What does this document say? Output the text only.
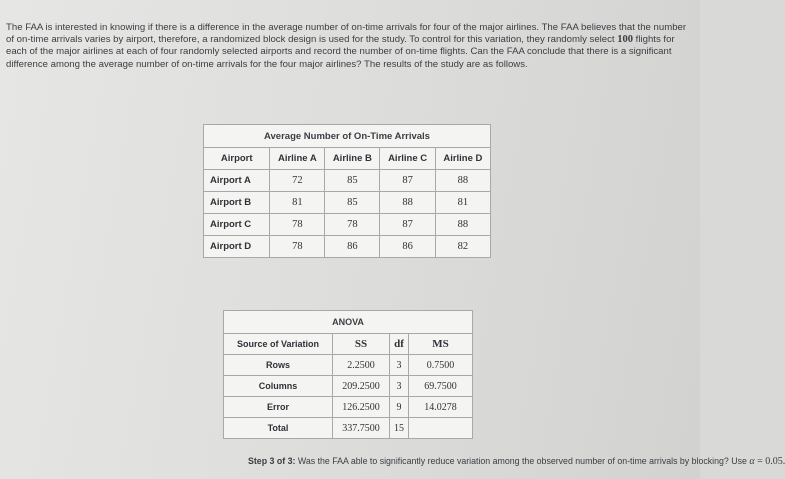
The FAA is interested in knowing if there is a difference in the average number of on-time arrivals for four of the major airlines. The FAA believes that the number of on-time arrivals varies by airport, therefore, a randomized block design is used for the study. To control for this variation, they randomly select 100 flights for each of the major airlines at each of four randomly selected airports and record the number of on-time flights. Can the FAA conclude that there is a significant difference among the average number of on-time arrivals for the four major airlines? The results of the study are as follows.
Average Number of On-Time Arrivals				
Airport	Airline A	Airline B	Airline C	Airline D
Airport A	72	85	87	88
Airport B	81	85	88	81
Airport C	78	78	87	88
Airport D	78	86	86	82
ANOVA			
Source of Variation	SS	df	MS
Rows	2.2500	3	0.7500
Columns	209.2500	3	69.7500
Error	126.2500	9	14.0278
Total	337.7500	15	
Step 3 of 3: Was the FAA able to significantly reduce variation among the observed number of on-time arrivals by blocking? Use α = 0.05.
